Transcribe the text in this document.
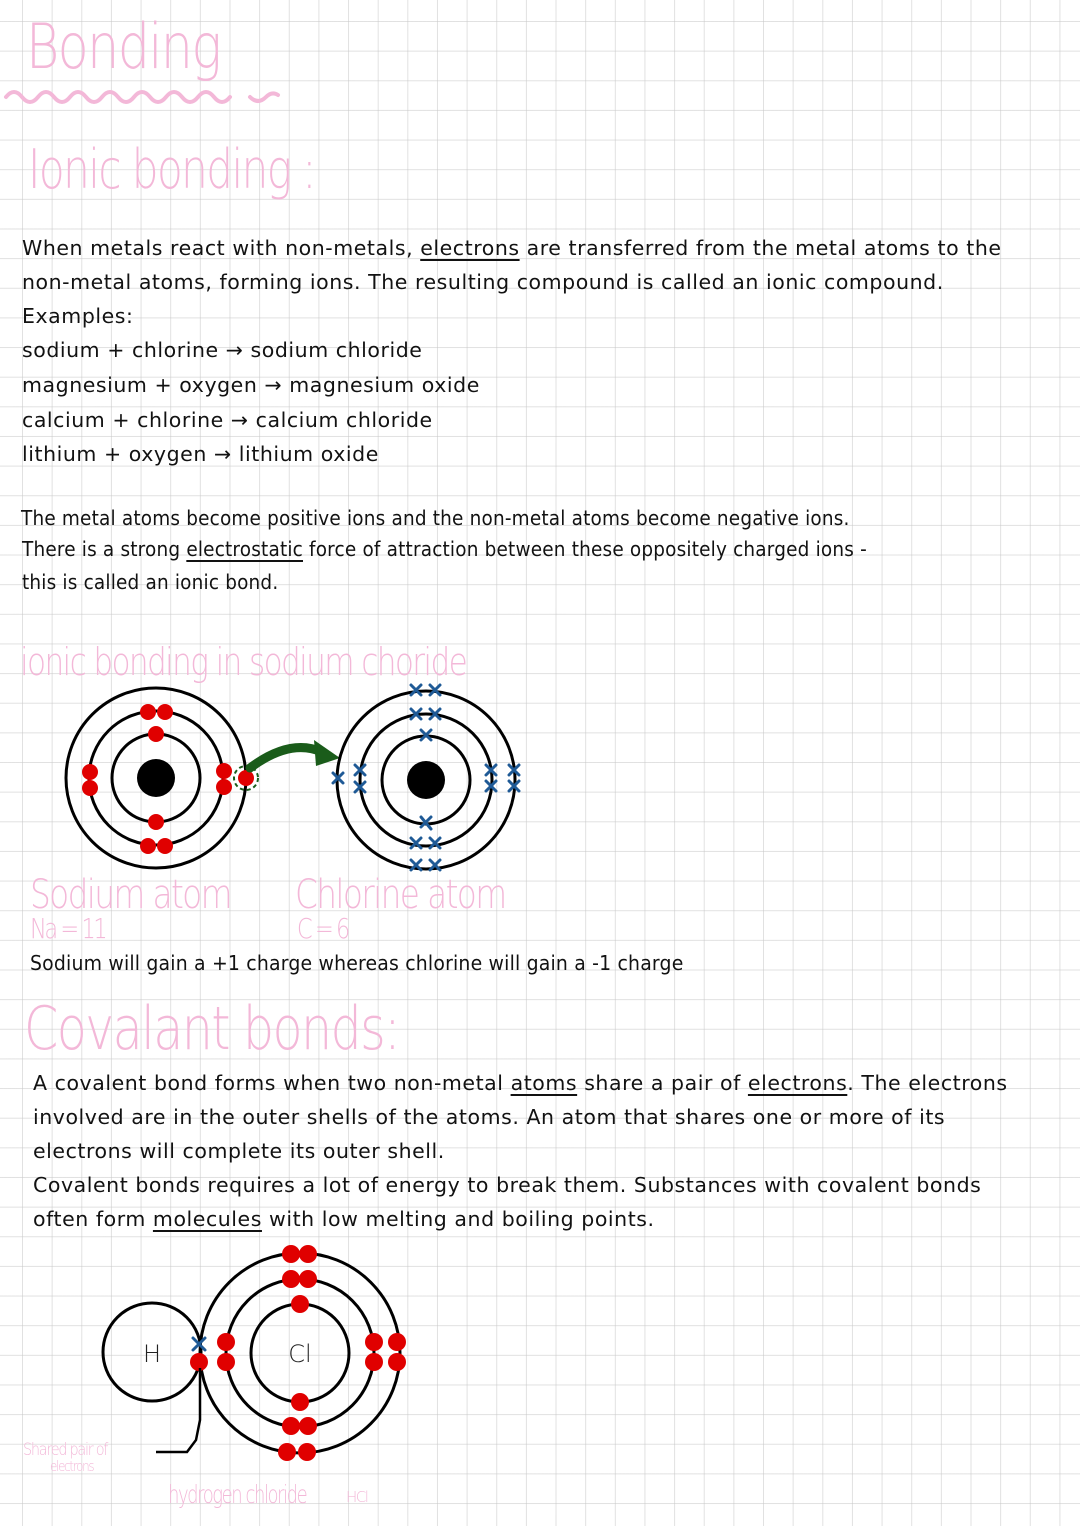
Bonding
Ionic bonding :
When metals react with non-metals, electrons are transferred from the metal atoms to the
non-metal atoms, forming ions. The resulting compound is called an ionic compound.
Examples:
sodium + chlorine → sodium chloride
magnesium + oxygen → magnesium oxide
calcium + chlorine → calcium chloride
lithium + oxygen → lithium oxide
The metal atoms become positive ions and the non-metal atoms become negative ions.
There is a strong electrostatic force of attraction between these oppositely charged ions -
this is called an ionic bond.
ionic bonding in sodium choride
Sodium atom
Na = 11
Chlorine atom
C = 6
Sodium will gain a +1 charge whereas chlorine will gain a -1 charge
Covalant bonds:
A covalent bond forms when two non-metal atoms share a pair of electrons. The electrons
involved are in the outer shells of the atoms. An atom that shares one or more of its
electrons will complete its outer shell.
Covalent bonds requires a lot of energy to break them. Substances with covalent bonds
often form molecules with low melting and boiling points.
H	Cl
Shared pair of
electrons
hydrogen chloride	HCl
